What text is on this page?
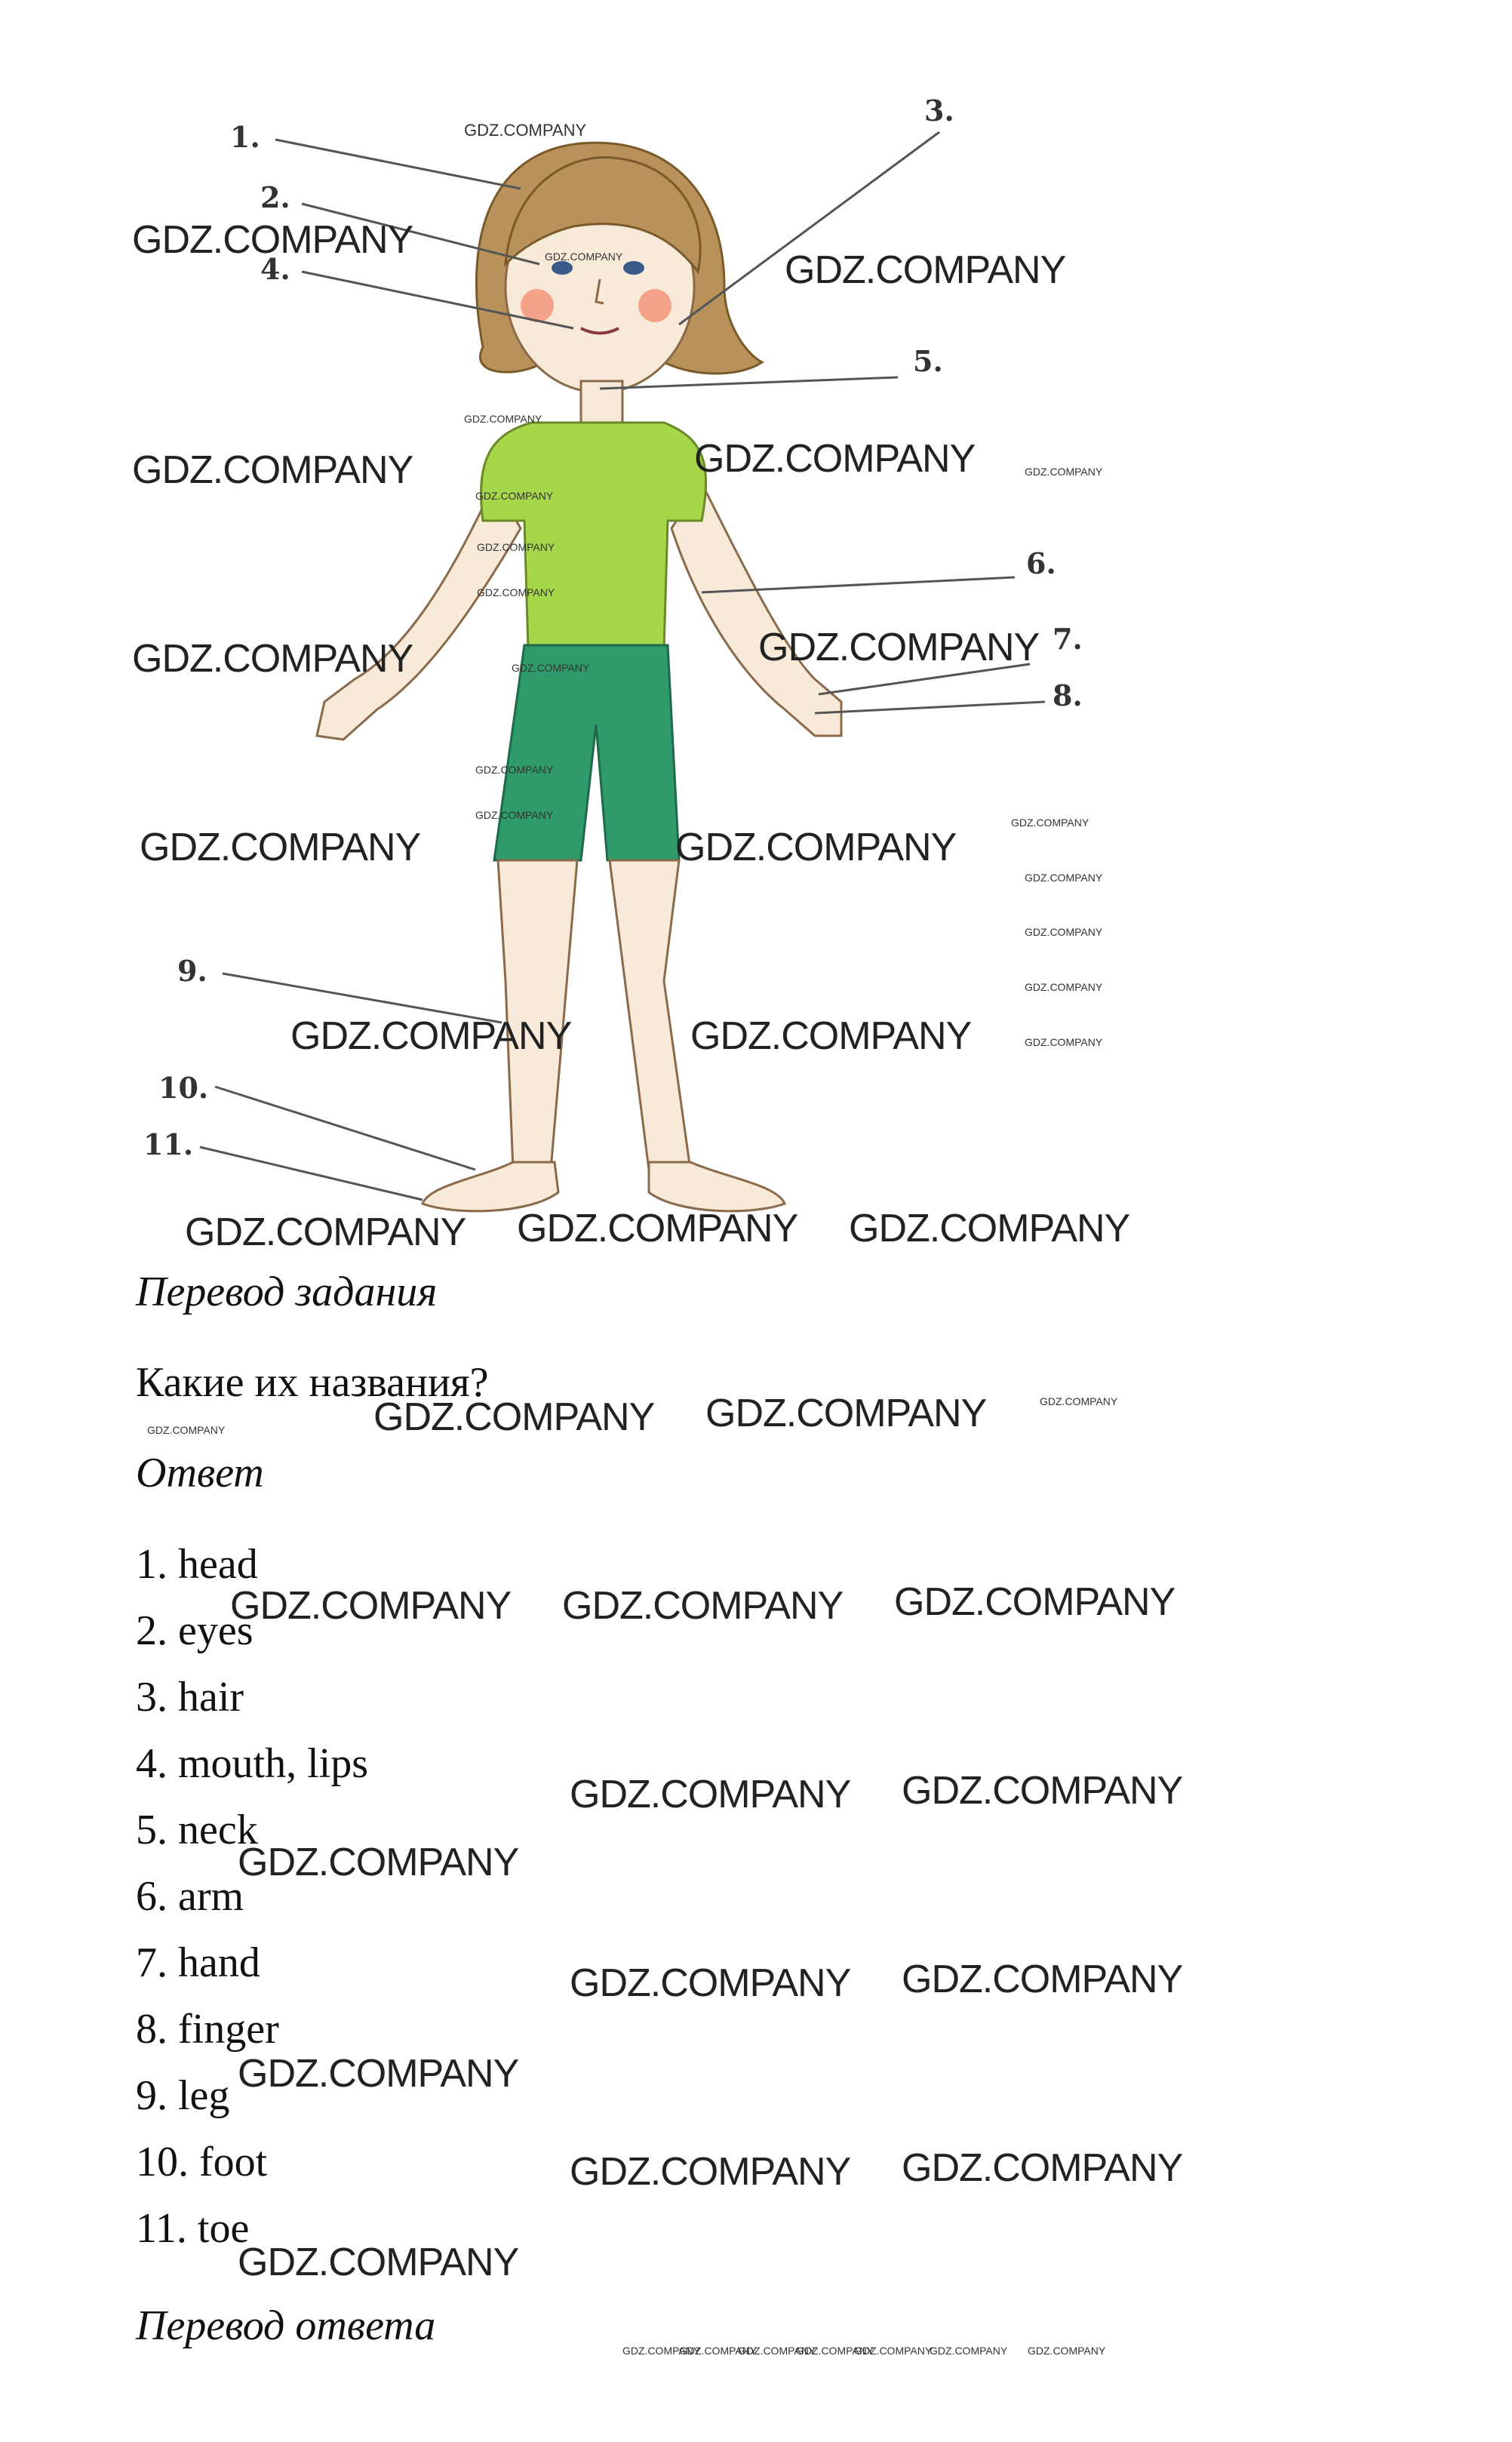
1.
2.
3.
4.
5.
6.
7.
8.
9.
10.
11.
GDZ.COMPANY
GDZ.COMPANY	GDZ.COMPANY	GDZ.COMPANY
GDZ.COMPANY
GDZ.COMPANY	GDZ.COMPANY	GDZ.COMPANY
GDZ.COMPANY
GDZ.COMPANY
GDZ.COMPANY
GDZ.COMPANY	GDZ.COMPANY
GDZ.COMPANY
GDZ.COMPANY
GDZ.COMPANY
GDZ.COMPANY
GDZ.COMPANY	GDZ.COMPANY
GDZ.COMPANY
GDZ.COMPANY
GDZ.COMPANY
GDZ.COMPANY	GDZ.COMPANY	GDZ.COMPANY
GDZ.COMPANY GDZ.COMPANY GDZ.COMPANY
Перевод задания
Какие их названия?
Ответ
1. head
2. eyes
3. hair
4. mouth, lips
5. neck
6. arm
7. hand
8. finger
9. leg
10. foot
11. toe
Перевод ответа
GDZ.COMPANY	GDZ.COMPANY GDZ.COMPANY	GDZ.COMPANY
GDZ.COMPANY GDZ.COMPANY GDZ.COMPANY
GDZ.COMPANY GDZ.COMPANY
GDZ.COMPANY
GDZ.COMPANY GDZ.COMPANY
GDZ.COMPANY
GDZ.COMPANY GDZ.COMPANY
GDZ.COMPANY
GDZ.COMPANY
GDZ.COMPANY
GDZ.COMPANY
GDZ.COMPANY
GDZ.COMPANY
GDZ.COMPANY GDZ.COMPANY
